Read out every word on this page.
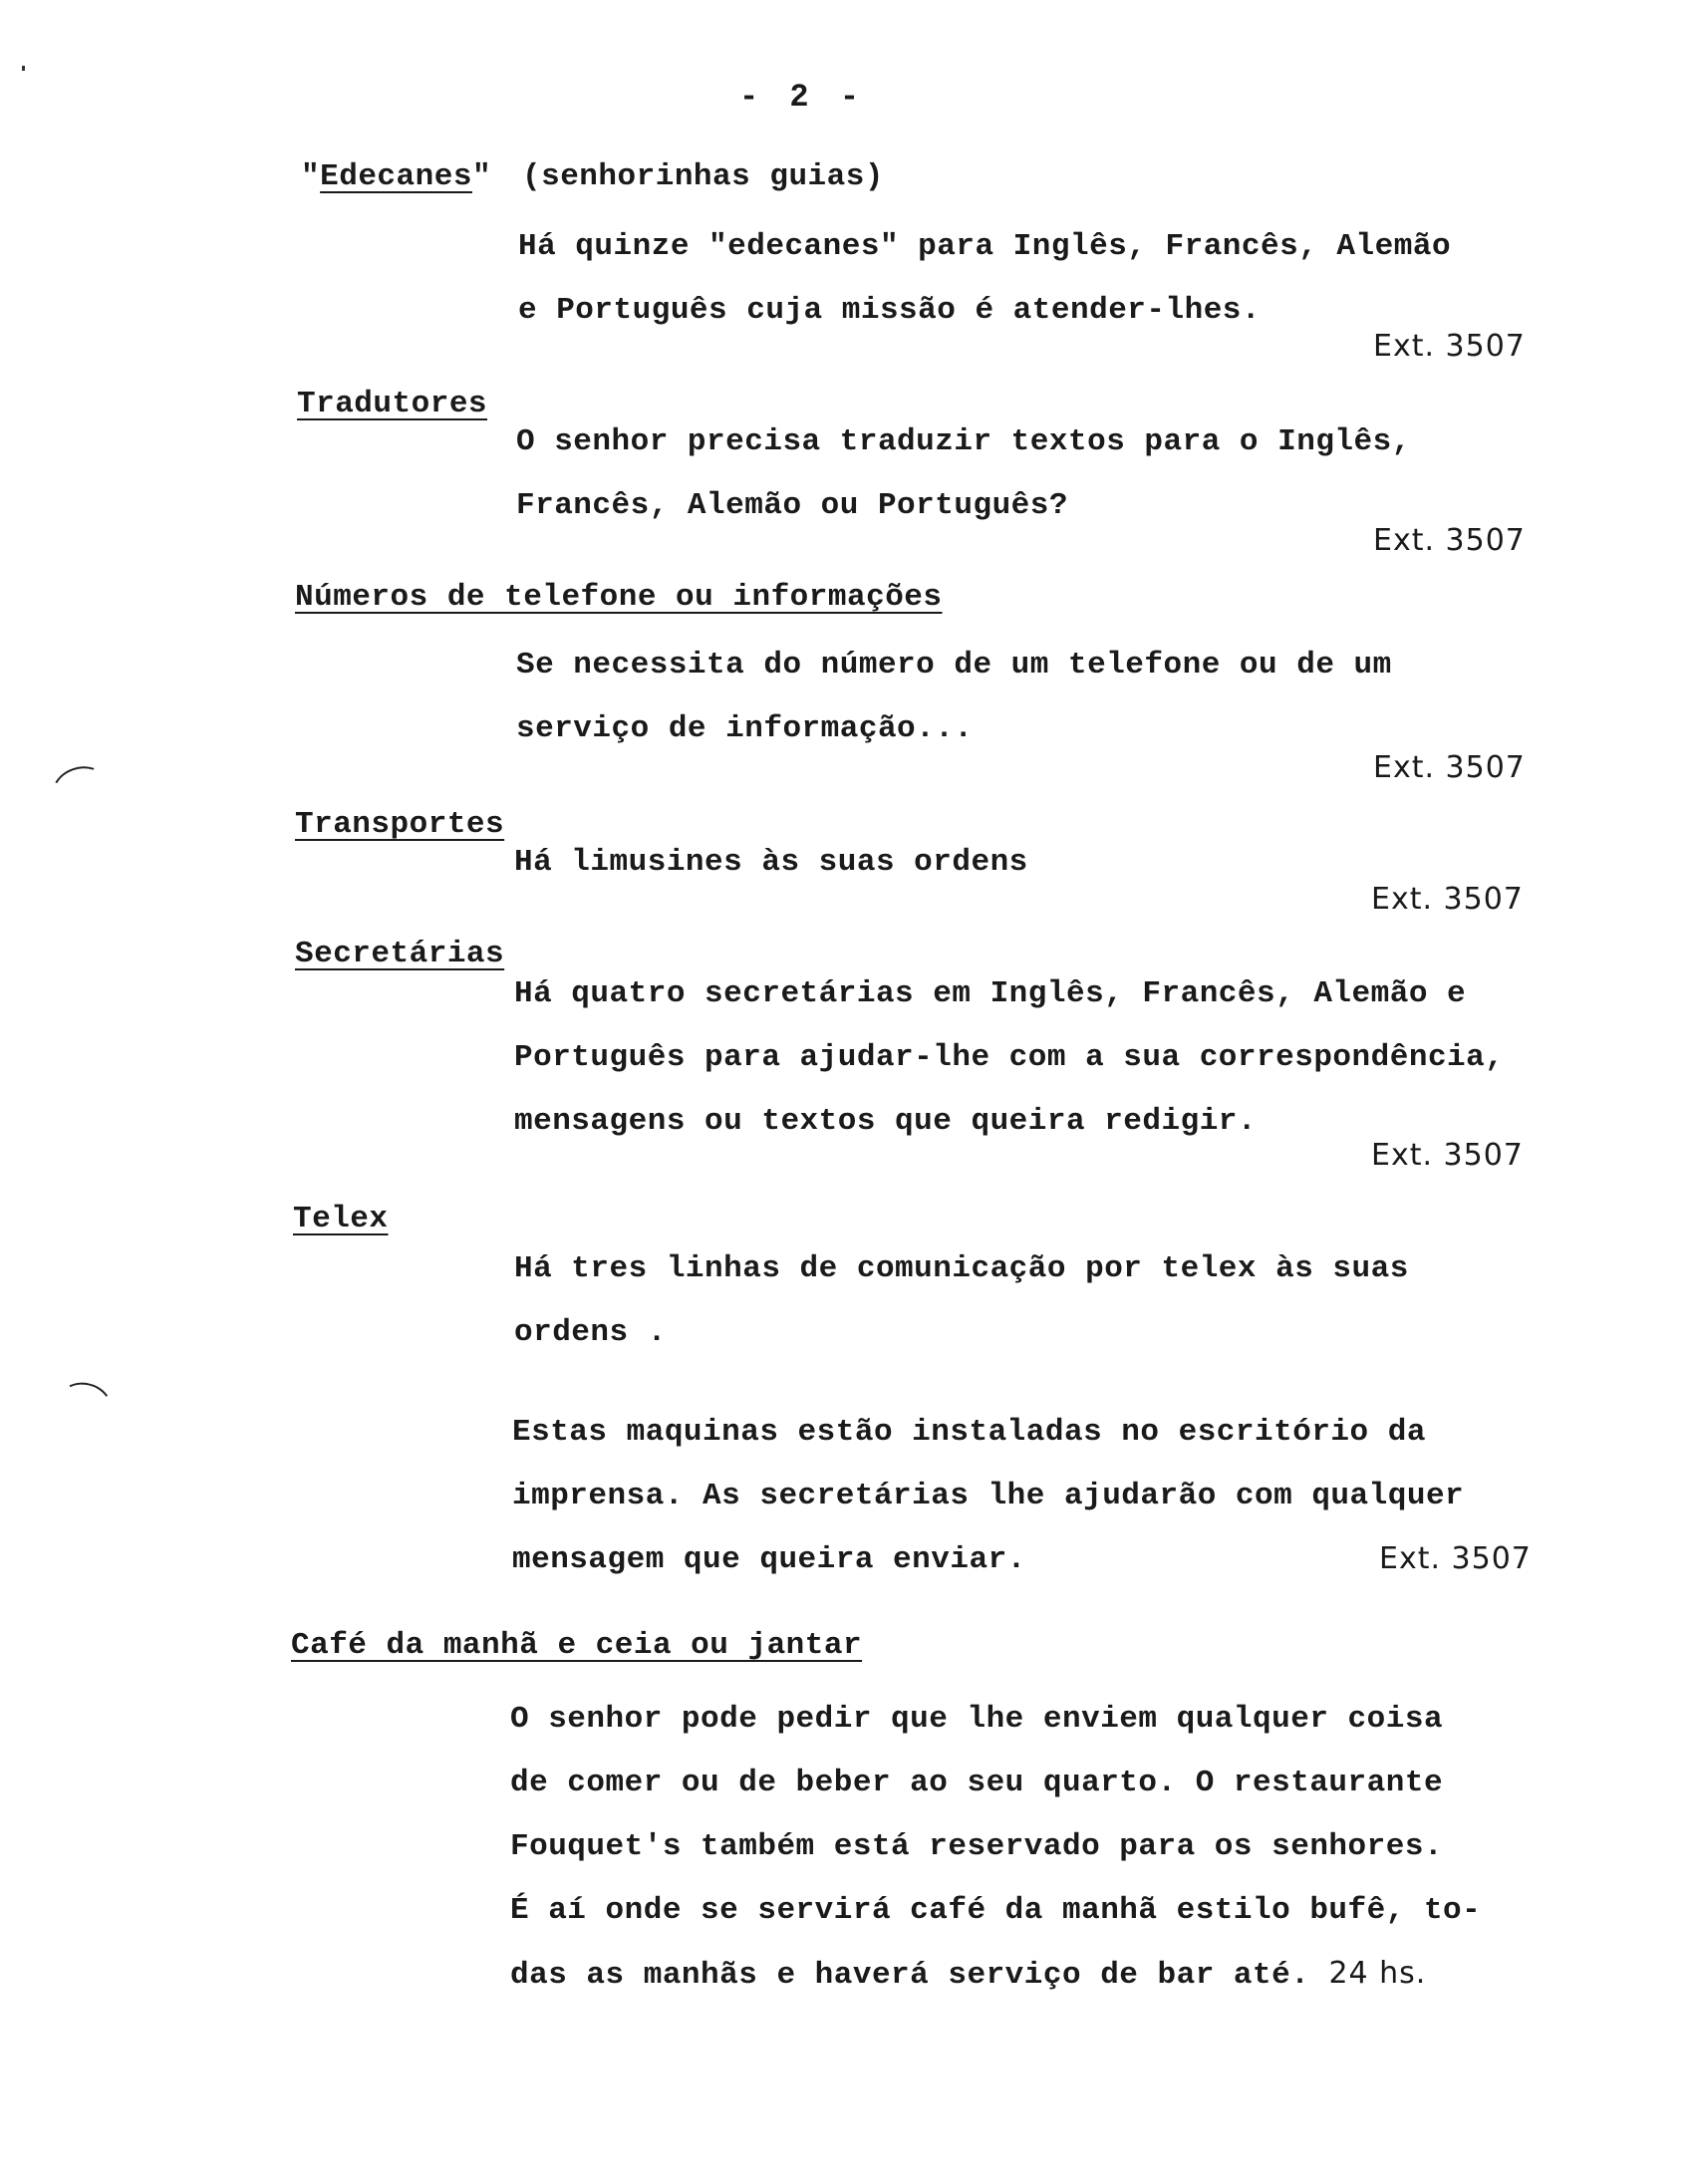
- 2 -
"Edecanes" (senhorinhas guias)
Há quinze "edecanes" para Inglês, Francês, Alemão
e Português cuja missão é atender-lhes.
Ext. 3507
Tradutores
O senhor precisa traduzir textos para o Inglês,
Francês, Alemão ou Português?
Ext. 3507
Números de telefone ou informações
Se necessita do número de um telefone ou de um
serviço de informação...
Ext. 3507
Transportes
Há limusines às suas ordens
Ext. 3507
Secretárias
Há quatro secretárias em Inglês, Francês, Alemão e
Português para ajudar-lhe com a sua correspondência,
mensagens ou textos que queira redigir.
Ext. 3507
Telex
Há tres linhas de comunicação por telex às suas
ordens .
Estas maquinas estão instaladas no escritório da
imprensa. As secretárias lhe ajudarão com qualquer
mensagem que queira enviar.	Ext. 3507
Café da manhã e ceia ou jantar
O senhor pode pedir que lhe enviem qualquer coisa
de comer ou de beber ao seu quarto. O restaurante
Fouquet's também está reservado para os senhores.
É aí onde se servirá café da manhã estilo bufê, to-
das as manhãs e haverá serviço de bar até. 24 hs.
